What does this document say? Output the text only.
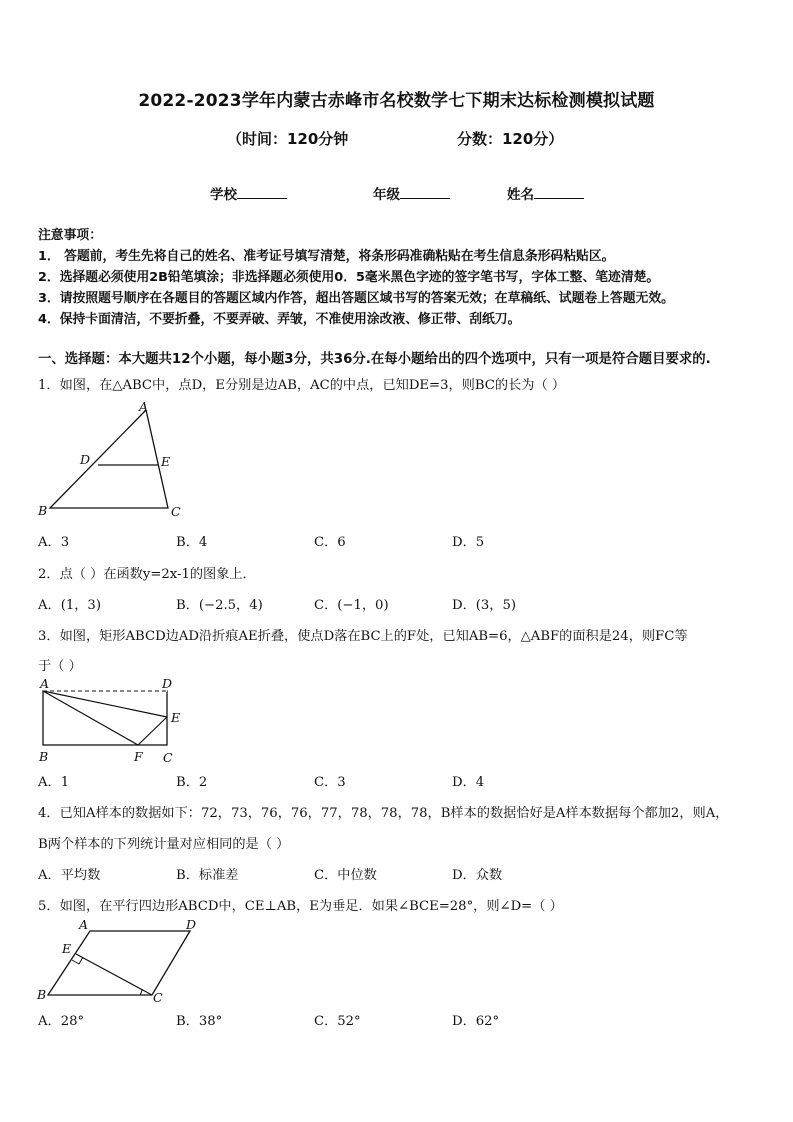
2022-2023学年内蒙古赤峰市名校数学七下期末达标检测模拟试题
（时间：120分钟	分数：120分）
学校	年级	姓名
注意事项：
1． 答题前，考生先将自己的姓名、准考证号填写清楚，将条形码准确粘贴在考生信息条形码粘贴区。
2．选择题必须使用2B铅笔填涂；非选择题必须使用0．5毫米黑色字迹的签字笔书写，字体工整、笔迹清楚。
3．请按照题号顺序在各题目的答题区域内作答，超出答题区域书写的答案无效；在草稿纸、试题卷上答题无效。
4．保持卡面清洁，不要折叠，不要弄破、弄皱，不准使用涂改液、修正带、刮纸刀。
一、选择题：本大题共12个小题，每小题3分，共36分.在每小题给出的四个选项中，只有一项是符合题目要求的.
1．如图，在△ABC中，点D，E分别是边AB，AC的中点，已知DE=3，则BC的长为（ ）
A
D	E
B	C
A．3	B．4	C．6	D．5
2．点（ ）在函数y=2x-1的图象上．
A．(1，3)	B．(−2.5，4)	C．(−1，0)	D．(3，5)
3．如图，矩形ABCD边AD沿折痕AE折叠，使点D落在BC上的F处，已知AB=6，△ABF的面积是24，则FC等
于（ ）
A	D
E
B	F C
A．1	B．2	C．3	D．4
4．已知A样本的数据如下：72，73，76，76，77，78，78，78，B样本的数据恰好是A样本数据每个都加2，则A，
B两个样本的下列统计量对应相同的是（ ）
A．平均数	B．标准差	C．中位数	D．众数
5．如图，在平行四边形ABCD中，CE⊥AB，E为垂足．如果∠BCE=28°，则∠D=（ ）
A	D
E
B	C
A．28°	B．38°	C．52°	D．62°
